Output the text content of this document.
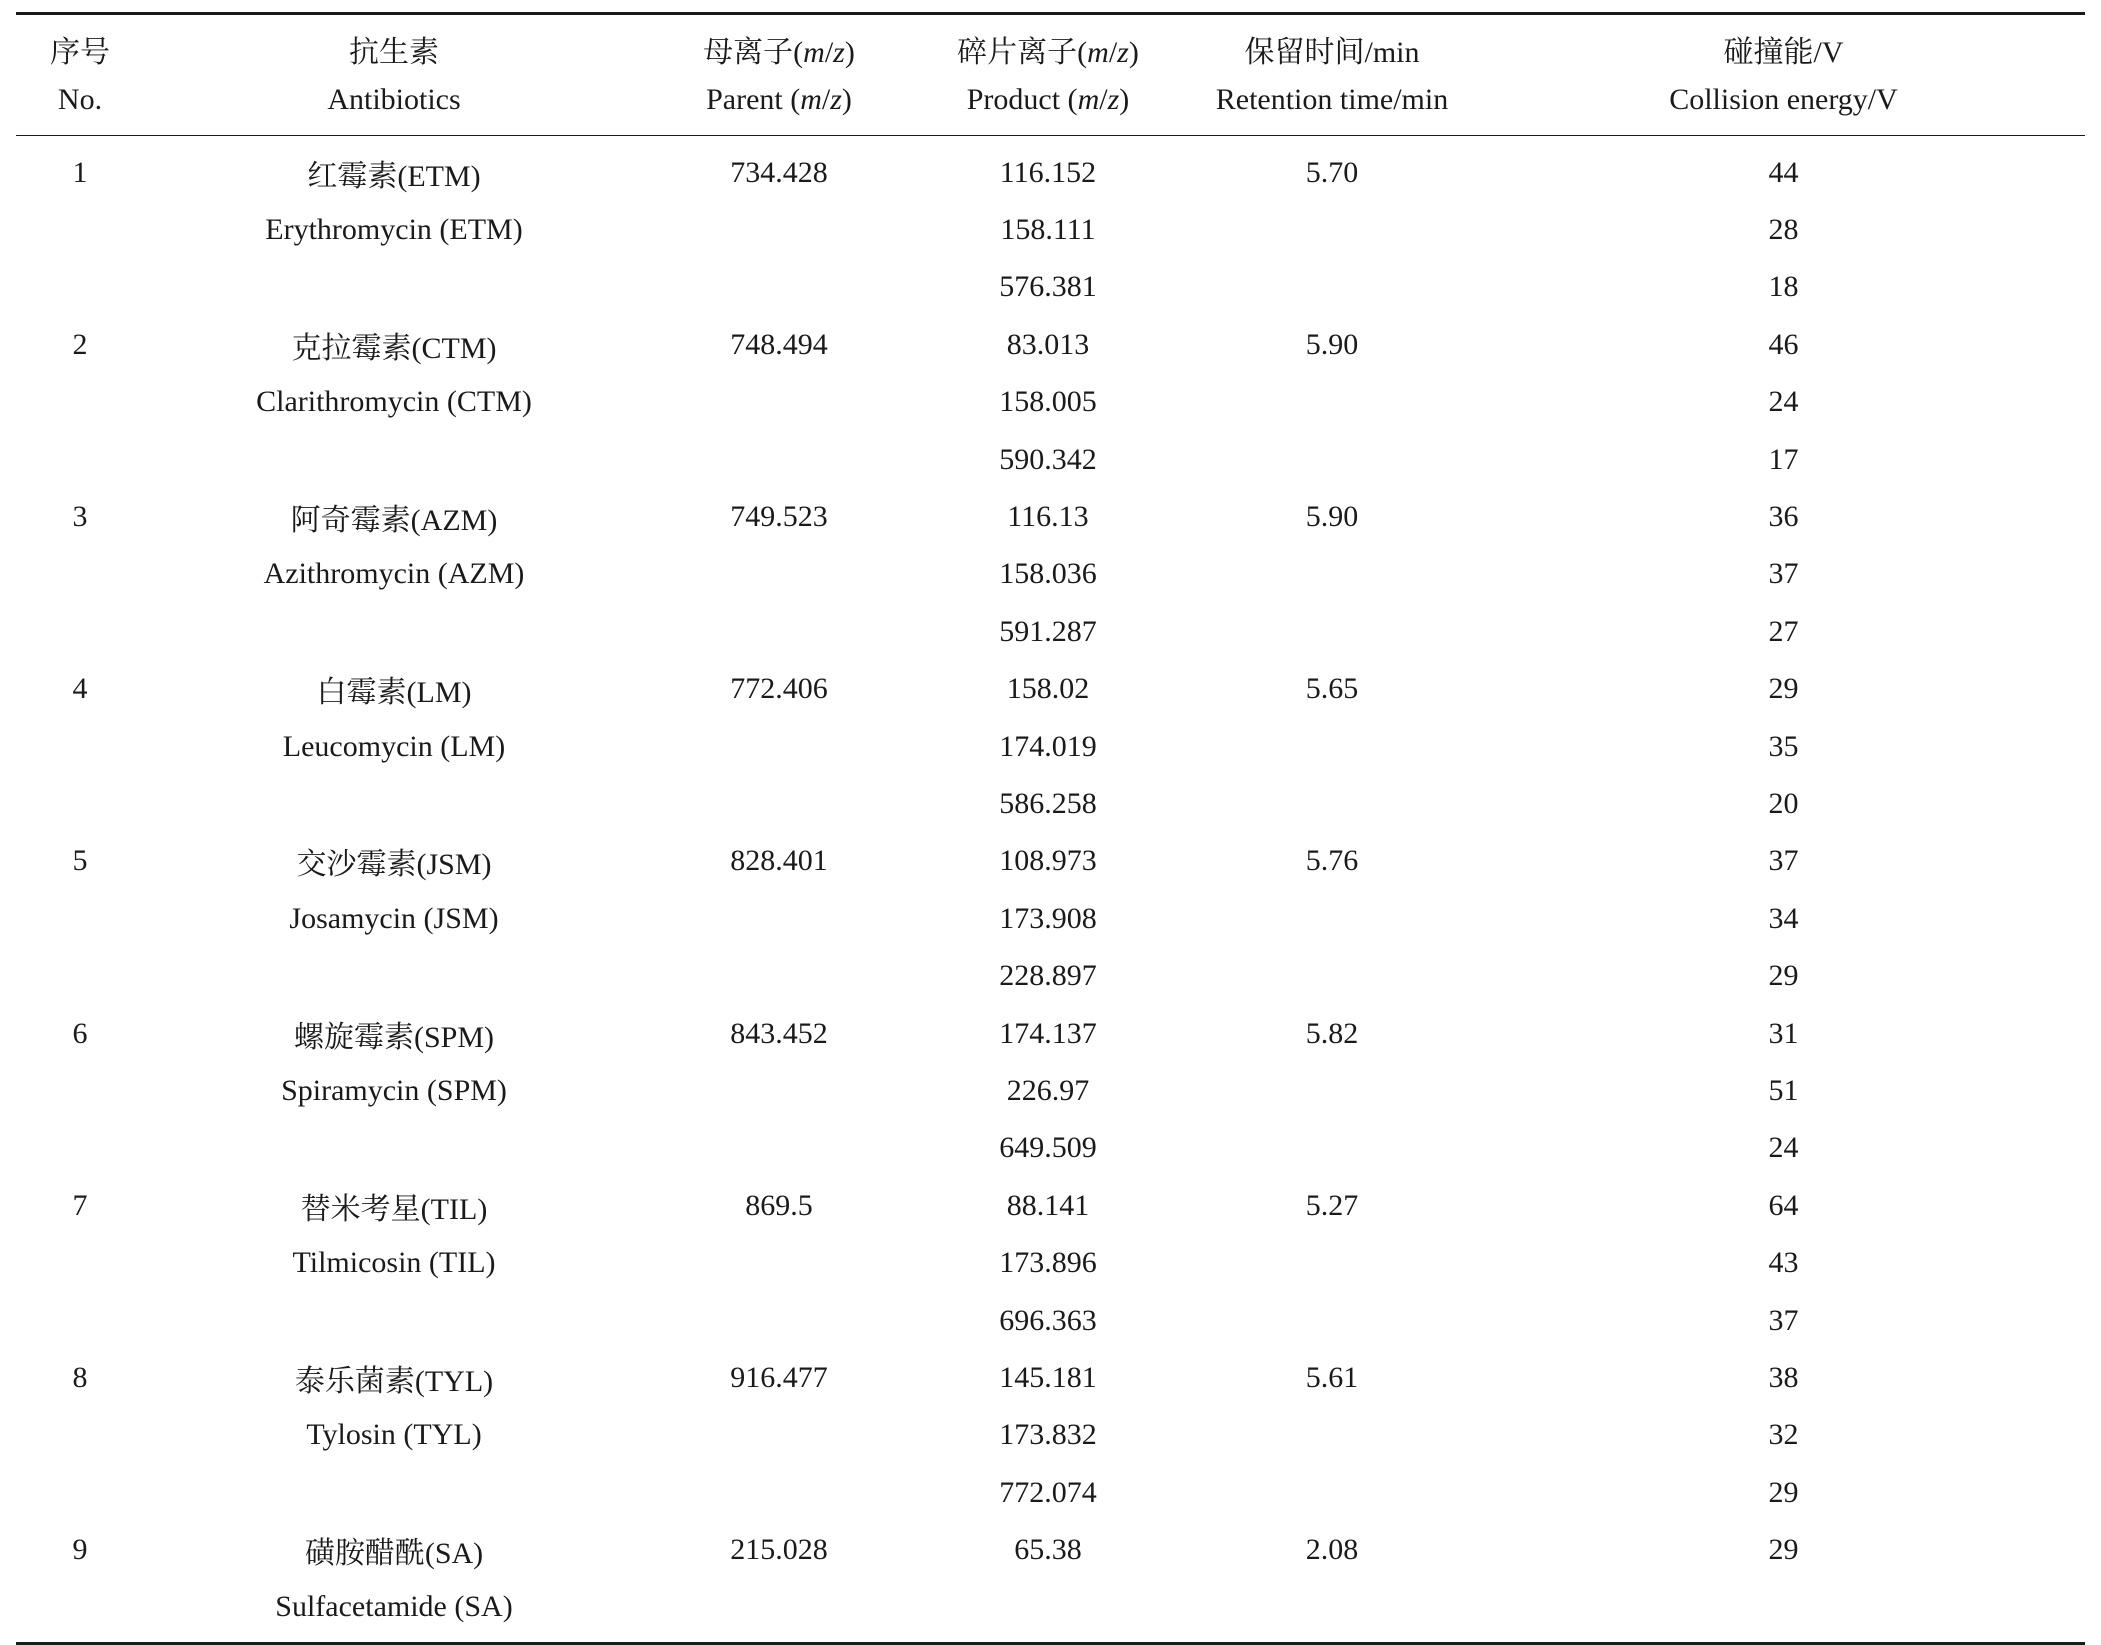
序号	抗生素	母离子(m/z)	碎片离子(m/z)	保留时间/min	碰撞能/V
No.	Antibiotics	Parent (m/z)	Product (m/z)	Retention time/min	Collision energy/V
1	红霉素(ETM)	734.428	116.152	5.70	44
	Erythromycin (ETM)		158.111		28
			576.381		18
2	克拉霉素(CTM)	748.494	83.013	5.90	46
	Clarithromycin (CTM)		158.005		24
			590.342		17
3	阿奇霉素(AZM)	749.523	116.13	5.90	36
	Azithromycin (AZM)		158.036		37
			591.287		27
4	白霉素(LM)	772.406	158.02	5.65	29
	Leucomycin (LM)		174.019		35
			586.258		20
5	交沙霉素(JSM)	828.401	108.973	5.76	37
	Josamycin (JSM)		173.908		34
			228.897		29
6	螺旋霉素(SPM)	843.452	174.137	5.82	31
	Spiramycin (SPM)		226.97		51
			649.509		24
7	替米考星(TIL)	869.5	88.141	5.27	64
	Tilmicosin (TIL)		173.896		43
			696.363		37
8	泰乐菌素(TYL)	916.477	145.181	5.61	38
	Tylosin (TYL)		173.832		32
			772.074		29
9	磺胺醋酰(SA)	215.028	65.38	2.08	29
	Sulfacetamide (SA)				
